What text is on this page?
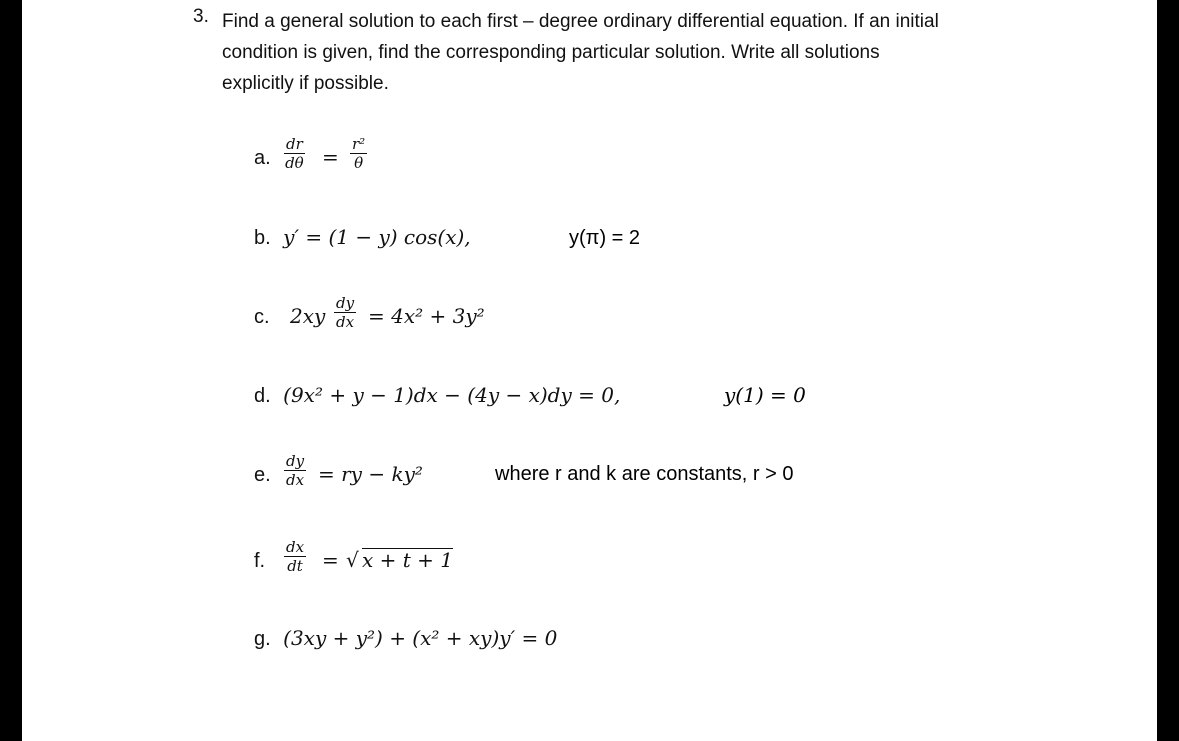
3. Find a general solution to each first – degree ordinary differential equation. If an initial
condition is given, find the corresponding particular solution. Write all solutions
explicitly if possible.
a. $\frac{dr}{d\theta} = \frac{\text{r²}}{\theta}$
b. y′ = (1 − y) cos(x),	y(π) = 2
c. $2xy \frac{dy}{dx} = 4x^2 + 3y^2$
d. (9x² + y − 1)dx − (4y − x)dy = 0,	y(1) = 0
e. $\frac{dy}{dx}$ = ry − ky²	where r and k are constants, r > 0
f. $\frac{dx}{dt}$ = √ x + t + 1
g. (3xy + y²) + (x² + xy)y′ = 0
